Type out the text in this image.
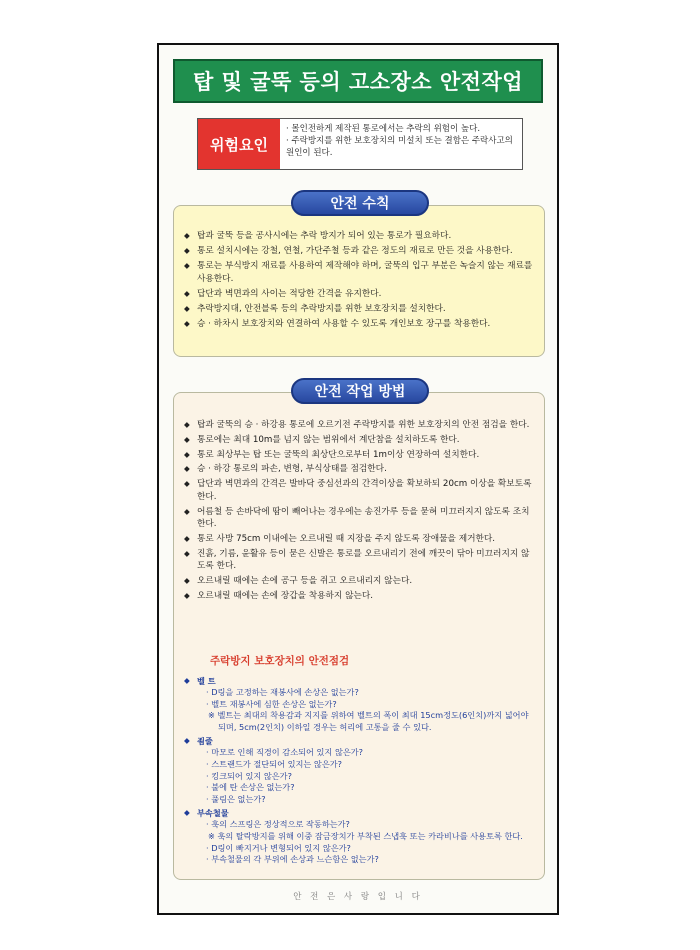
탑 및 굴뚝 등의 고소장소 안전작업
위험요인
· 몰인전하게 제작된 통로에서는 추락의 위험이 높다.
· 주락방지를 위한 보호장치의 미설치 또는 결함은 주락사고의 원인이 된다.
안전 수칙
◆ 탑과 굴뚝 등을 공사시에는 추락 방지가 되어 있는 통로가 필요하다.
◆ 통로 설치시에는 강철, 연철, 가단주철 등과 같은 정도의 재료로 만든 것을 사용한다.
◆ 통로는 부식방지 재료를 사용하여 제작해야 하며, 굴뚝의 입구 부분은 녹슬지 않는 재료를 사용한다.
◆ 답단과 벽면과의 사이는 적당한 간격을 유지한다.
◆ 추락방지대, 안전블록 등의 추락방지를 위한 보호장치를 설치한다.
◆ 승 · 하차시 보호장치와 연결하여 사용할 수 있도록 개인보호 장구를 착용한다.
안전 작업 방법
◆ 탑과 굴뚝의 승 · 하강용 통로에 오르기전 주락방지를 위한 보호장치의 안전 점검을 한다.
◆ 통로에는 최대 10m를 넘지 않는 범위에서 계단참을 설치하도록 한다.
◆ 통로 최상부는 탑 또는 굴뚝의 최상단으로부터 1m이상 연장하여 설치한다.
◆ 승 · 하강 통로의 파손, 변형, 부식상태를 점검한다.
◆ 답단과 벽면과의 간격은 발바닥 중심선과의 간격이상을 확보하되 20cm 이상을 확보토록 한다.
◆ 어름철 등 손바닥에 땀이 빼어나는 경우에는 송진가루 등을 묻혀 미끄러지지 않도록 조치한다.
◆ 통로 사방 75cm 이내에는 오르내릴 때 지장을 주지 않도록 장애물을 제거한다.
◆ 진흙, 기름, 윤활유 등이 묻은 신발은 통로를 오르내리기 전에 깨끗이 닦아 미끄러지지 않도록 한다.
◆ 오르내릴 때에는 손에 공구 등을 쥐고 오르내리지 않는다.
◆ 오르내릴 때에는 손에 장갑을 착용하지 않는다.
주락방지 보호장치의 안전점검
◆ 벨 트
· D링을 고정하는 재봉사에 손상은 없는가?
· 벨트 재봉사에 심한 손상은 없는가?
※ 벨트는 최대의 착용감과 지지를 위하여 벨트의 폭이 최대 15cm정도(6인치)까지 넓어야 되며, 5cm(2인치) 이하일 경우는 허리에 고통을 줄 수 있다.
◆ 죔줄
· 마모로 인해 직경이 감소되어 있지 않은가?
· 스트랜드가 절단되어 있지는 않은가?
· 킹크되어 있지 않은가?
· 불에 탄 손상은 없는가?
· 풀림은 없는가?
◆ 부속철물
· 훅의 스프링은 정상적으로 작동하는가?
※ 훅의 탈락방지를 위해 이중 잠금장치가 부착된 스냅훅 또는 카라비나를 사용토록 한다.
· D링이 빠지거나 변형되어 있지 않은가?
· 부속철물의 각 부위에 손상과 느슨함은 없는가?
안 전 은 사 랑 입 니 다
